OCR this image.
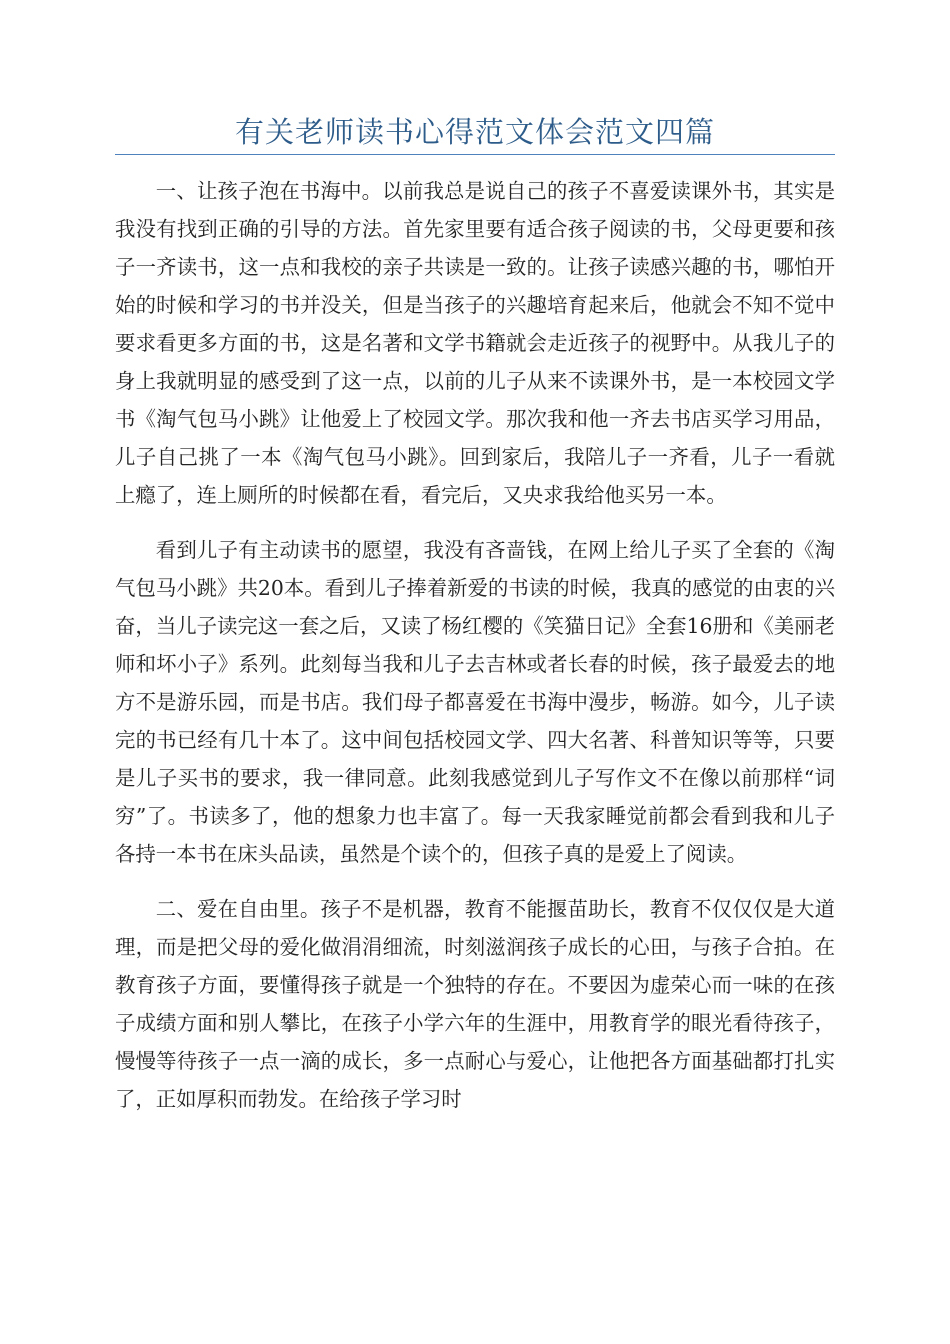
有关老师读书心得范文体会范文四篇

一、让孩子泡在书海中。以前我总是说自己的孩子不喜爱读课外书，其实是我没有找到正确的引导的方法。首先家里要有适合孩子阅读的书，父母更要和孩子一齐读书，这一点和我校的亲子共读是一致的。让孩子读感兴趣的书，哪怕开始的时候和学习的书并没关，但是当孩子的兴趣培育起来后，他就会不知不觉中要求看更多方面的书，这是名著和文学书籍就会走近孩子的视野中。从我儿子的身上我就明显的感受到了这一点，以前的儿子从来不读课外书，是一本校园文学书《淘气包马小跳》让他爱上了校园文学。那次我和他一齐去书店买学习用品，儿子自己挑了一本《淘气包马小跳》。回到家后，我陪儿子一齐看，儿子一看就上瘾了，连上厕所的时候都在看，看完后，又央求我给他买另一本。

看到儿子有主动读书的愿望，我没有吝啬钱，在网上给儿子买了全套的《淘气包马小跳》共20本。看到儿子捧着新爱的书读的时候，我真的感觉的由衷的兴奋，当儿子读完这一套之后，又读了杨红樱的《笑猫日记》全套16册和《美丽老师和坏小子》系列。此刻每当我和儿子去吉林或者长春的时候，孩子最爱去的地方不是游乐园，而是书店。我们母子都喜爱在书海中漫步，畅游。如今，儿子读完的书已经有几十本了。这中间包括校园文学、四大名著、科普知识等等，只要是儿子买书的要求，我一律同意。此刻我感觉到儿子写作文不在像以前那样“词穷”了。书读多了，他的想象力也丰富了。每一天我家睡觉前都会看到我和儿子各持一本书在床头品读，虽然是个读个的，但孩子真的是爱上了阅读。

二、爱在自由里。孩子不是机器，教育不能揠苗助长，教育不仅仅仅是大道理，而是把父母的爱化做涓涓细流，时刻滋润孩子成长的心田，与孩子合拍。在教育孩子方面，要懂得孩子就是一个独特的存在。不要因为虚荣心而一味的在孩子成绩方面和别人攀比，在孩子小学六年的生涯中，用教育学的眼光看待孩子，慢慢等待孩子一点一滴的成长，多一点耐心与爱心，让他把各方面基础都打扎实了，正如厚积而勃发。在给孩子学习时
